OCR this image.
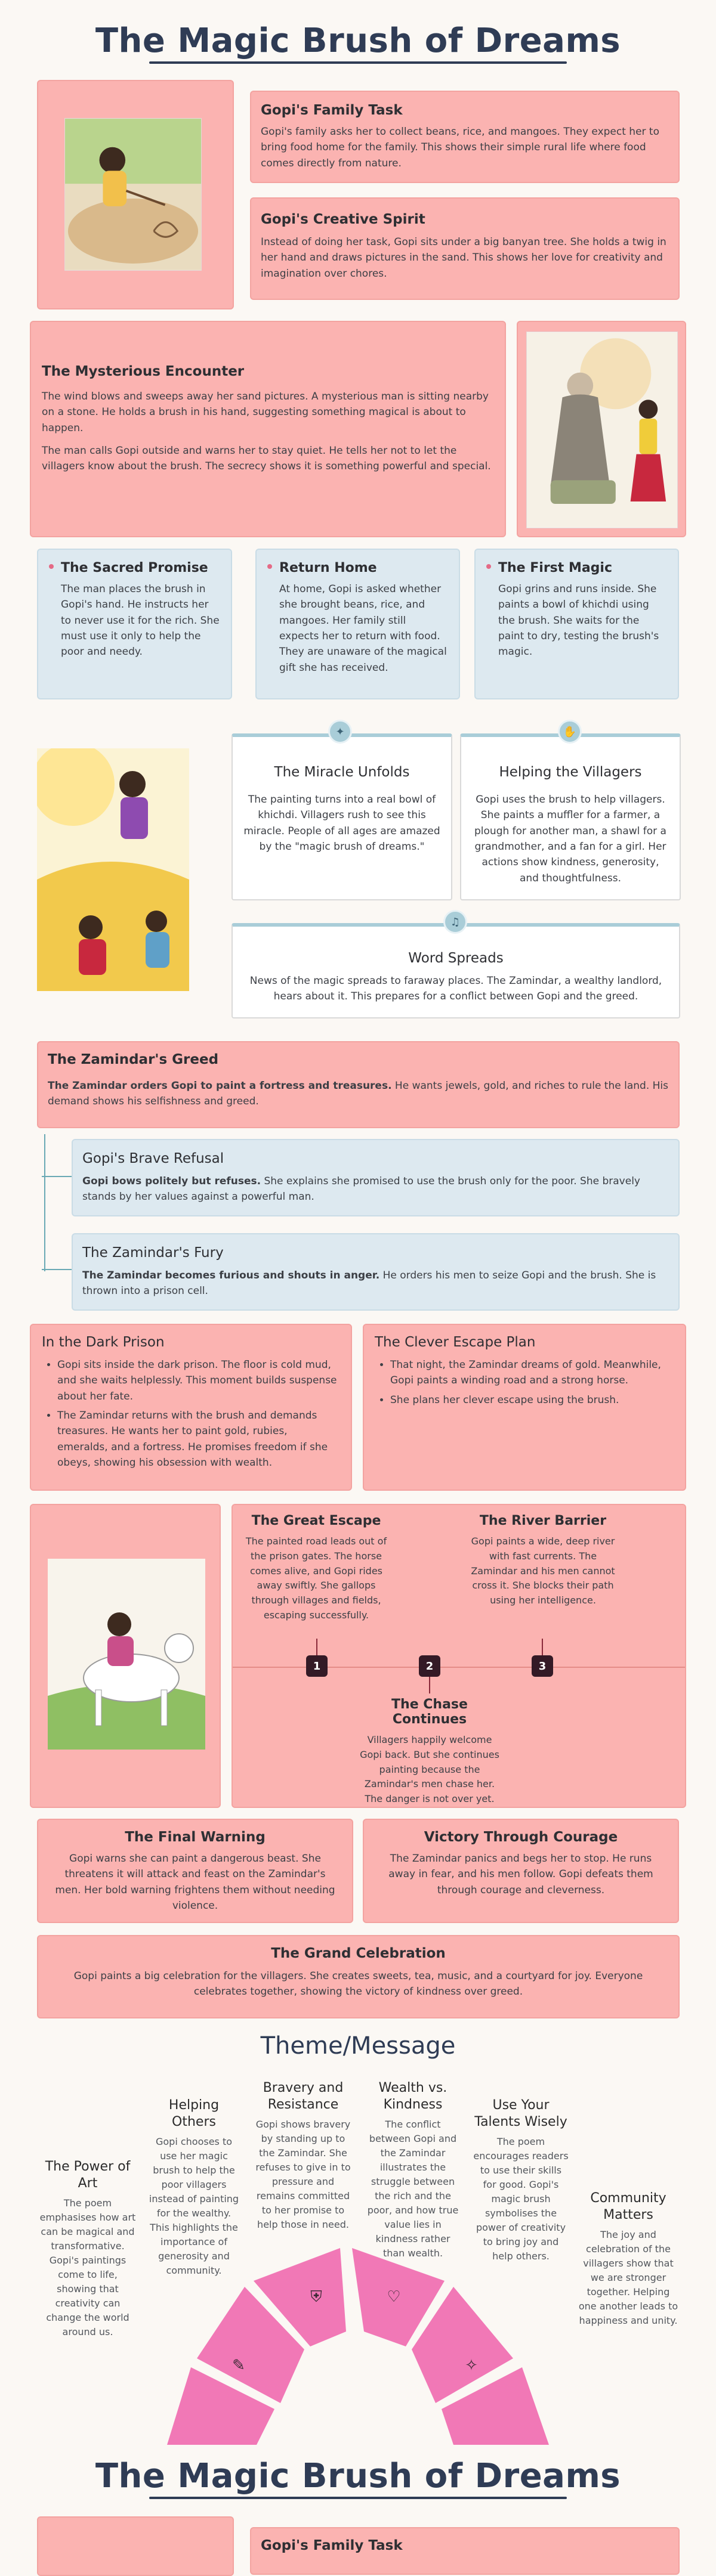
The Magic Brush of Dreams
Gopi's Family Task

Gopi's family asks her to collect beans, rice, and mangoes. They expect her to bring food home for the family. This shows their simple rural life where food comes directly from nature.

Gopi's Creative Spirit

Instead of doing her task, Gopi sits under a big banyan tree. She holds a twig in her hand and draws pictures in the sand. This shows her love for creativity and imagination over chores.

The Mysterious Encounter

The wind blows and sweeps away her sand pictures. A mysterious man is sitting nearby on a stone. He holds a brush in his hand, suggesting something magical is about to happen.

The man calls Gopi outside and warns her to stay quiet. He tells her not to let the villagers know about the brush. The secrecy shows it is something powerful and special.

The Sacred Promise

The man places the brush in Gopi's hand. He instructs her to never use it for the rich. She must use it only to help the poor and needy.

Return Home

At home, Gopi is asked whether she brought beans, rice, and mangoes. Her family still expects her to return with food. They are unaware of the magical gift she has received.

The First Magic

Gopi grins and runs inside. She paints a bowl of khichdi using the brush. She waits for the paint to dry, testing the brush's magic.

The Miracle Unfolds

The painting turns into a real bowl of khichdi. Villagers rush to see this miracle. People of all ages are amazed by the "magic brush of dreams."

✦
Helping the Villagers

Gopi uses the brush to help villagers. She paints a muffler for a farmer, a plough for another man, a shawl for a grandmother, and a fan for a girl. Her actions show kindness, generosity, and thoughtfulness.

✋
Word Spreads

News of the magic spreads to faraway places. The Zamindar, a wealthy landlord, hears about it. This prepares for a conflict between Gopi and the greed.

♫
The Zamindar's Greed

The Zamindar orders Gopi to paint a fortress and treasures. He wants jewels, gold, and riches to rule the land. His demand shows his selfishness and greed.

Gopi's Brave Refusal

Gopi bows politely but refuses. She explains she promised to use the brush only for the poor. She bravely stands by her values against a powerful man.

The Zamindar's Fury

The Zamindar becomes furious and shouts in anger. He orders his men to seize Gopi and the brush. She is thrown into a prison cell.

In the Dark Prison
• Gopi sits inside the dark prison. The floor is cold mud, and she waits helplessly. This moment builds suspense about her fate.
• The Zamindar returns with the brush and demands treasures. He wants her to paint gold, rubies, emeralds, and a fortress. He promises freedom if she obeys, showing his obsession with wealth.
The Clever Escape Plan
• That night, the Zamindar dreams of gold. Meanwhile, Gopi paints a winding road and a strong horse.
• She plans her clever escape using the brush.
The Great Escape

The painted road leads out of the prison gates. The horse comes alive, and Gopi rides away swiftly. She gallops through villages and fields, escaping successfully.

1	2
The Chase Continues

Villagers happily welcome Gopi back. But she continues painting because the Zamindar's men chase her. The danger is not over yet.

The River Barrier

Gopi paints a wide, deep river with fast currents. The Zamindar and his men cannot cross it. She blocks their path using her intelligence.

3
The Final Warning

Gopi warns she can paint a dangerous beast. She threatens it will attack and feast on the Zamindar's men. Her bold warning frightens them without needing violence.

Victory Through Courage

The Zamindar panics and begs her to stop. He runs away in fear, and his men follow. Gopi defeats them through courage and cleverness.

The Grand Celebration

Gopi paints a big celebration for the villagers. She creates sweets, tea, music, and a courtyard for joy. Everyone celebrates together, showing the victory of kindness over greed.

Theme/Message
The Power of Art

The poem emphasises how art can be magical and transformative. Gopi's paintings come to life, showing that creativity can change the world around us.

Helping Others

Gopi chooses to use her magic brush to help the poor villagers instead of painting for the wealthy. This highlights the importance of generosity and community.

Bravery and Resistance

Gopi shows bravery by standing up to the Zamindar. She refuses to give in to pressure and remains committed to her promise to help those in need.

Wealth vs. Kindness

The conflict between Gopi and the Zamindar illustrates the struggle between the rich and the poor, and how true value lies in kindness rather than wealth.

Use Your Talents Wisely

The poem encourages readers to use their skills for good. Gopi's magic brush symbolises the power of creativity to bring joy and help others.

Community Matters

The joy and celebration of the villagers show that we are stronger together. Helping one another leads to happiness and unity.

✎
⛨	♡
✧
The Magic Brush of Dreams
Gopi's Family Task
